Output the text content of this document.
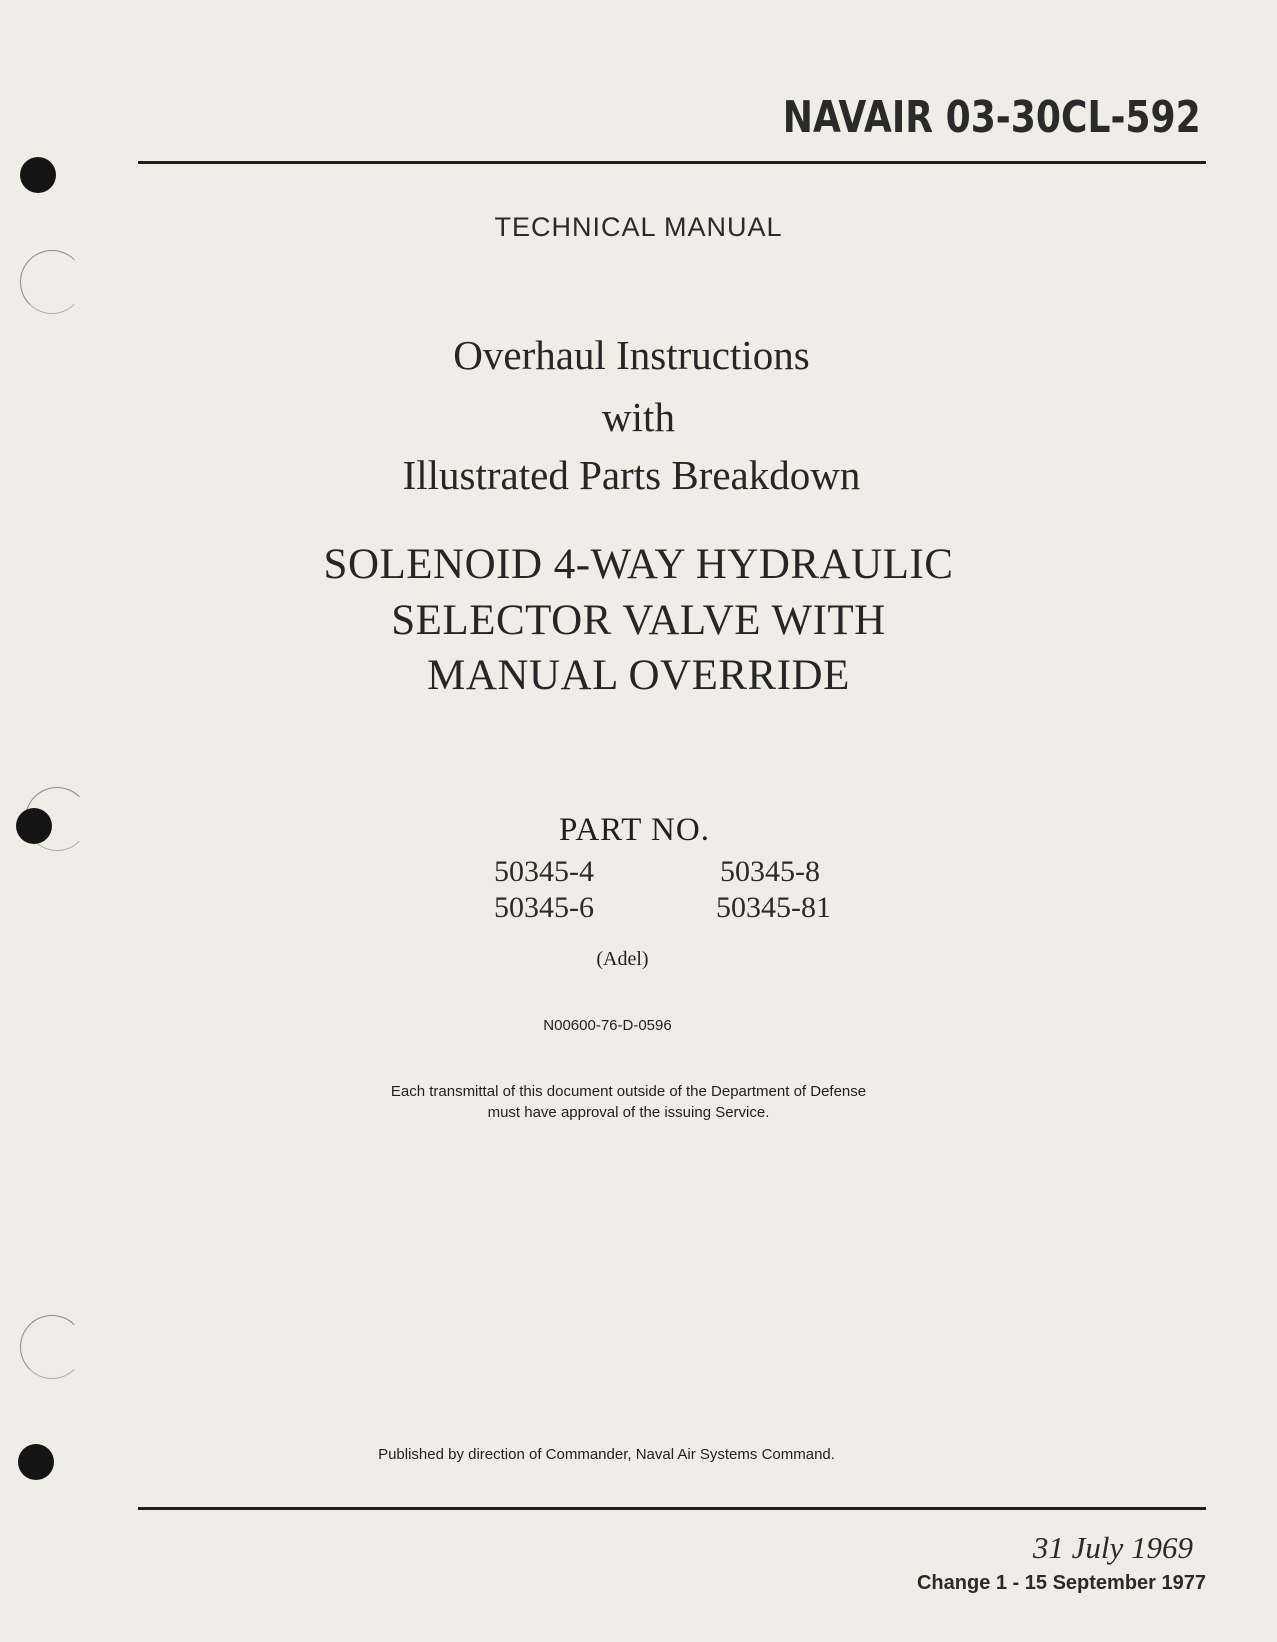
NAVAIR 03-30CL-592
TECHNICAL MANUAL
Overhaul Instructions
with
Illustrated Parts Breakdown
SOLENOID 4-WAY HYDRAULIC
SELECTOR VALVE WITH
MANUAL OVERRIDE
PART NO.
50345-4
50345-6
50345-8
50345-81
(Adel)
N00600-76-D-0596
Each transmittal of this document outside of the Department of Defense
must have approval of the issuing Service.
Published by direction of Commander, Naval Air Systems Command.
31 July 1969
Change 1 - 15 September 1977
